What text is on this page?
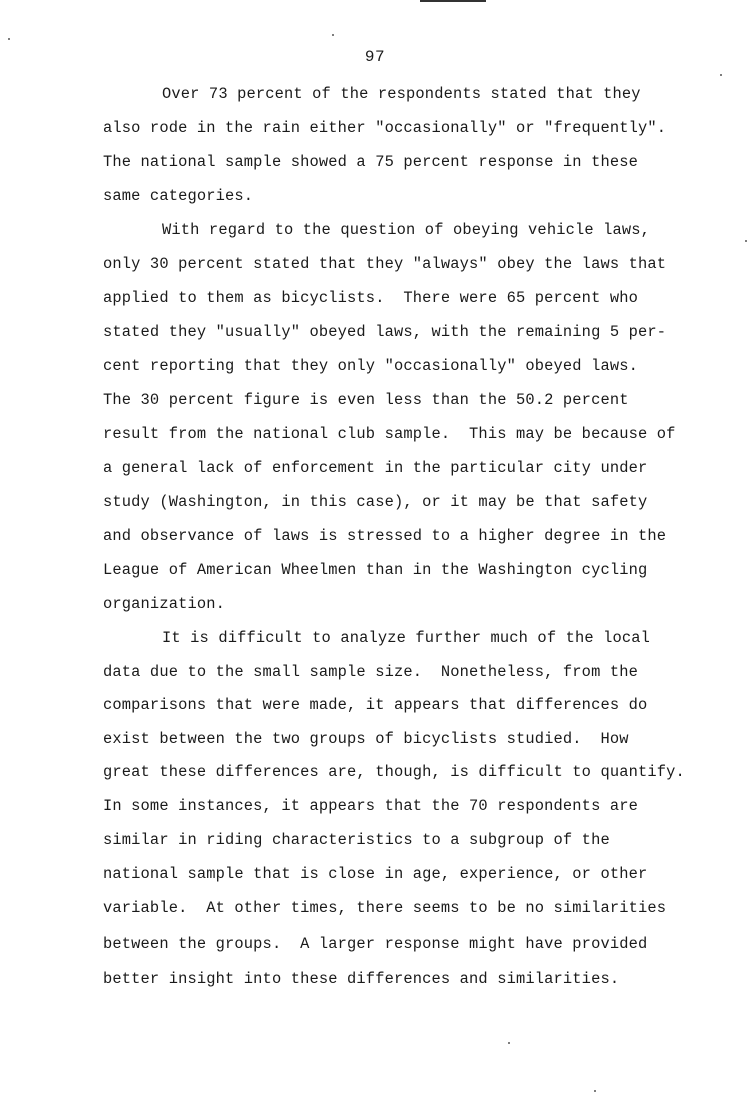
97
Over 73 percent of the respondents stated that they
also rode in the rain either "occasionally" or "frequently".
The national sample showed a 75 percent response in these
same categories.
With regard to the question of obeying vehicle laws,
only 30 percent stated that they "always" obey the laws that
applied to them as bicyclists.  There were 65 percent who
stated they "usually" obeyed laws, with the remaining 5 per-
cent reporting that they only "occasionally" obeyed laws.
The 30 percent figure is even less than the 50.2 percent
result from the national club sample.  This may be because of
a general lack of enforcement in the particular city under
study (Washington, in this case), or it may be that safety
and observance of laws is stressed to a higher degree in the
League of American Wheelmen than in the Washington cycling
organization.
It is difficult to analyze further much of the local
data due to the small sample size.  Nonetheless, from the
comparisons that were made, it appears that differences do
exist between the two groups of bicyclists studied.  How
great these differences are, though, is difficult to quantify.
In some instances, it appears that the 70 respondents are
similar in riding characteristics to a subgroup of the
national sample that is close in age, experience, or other
variable.  At other times, there seems to be no similarities
between the groups.  A larger response might have provided
better insight into these differences and similarities.
